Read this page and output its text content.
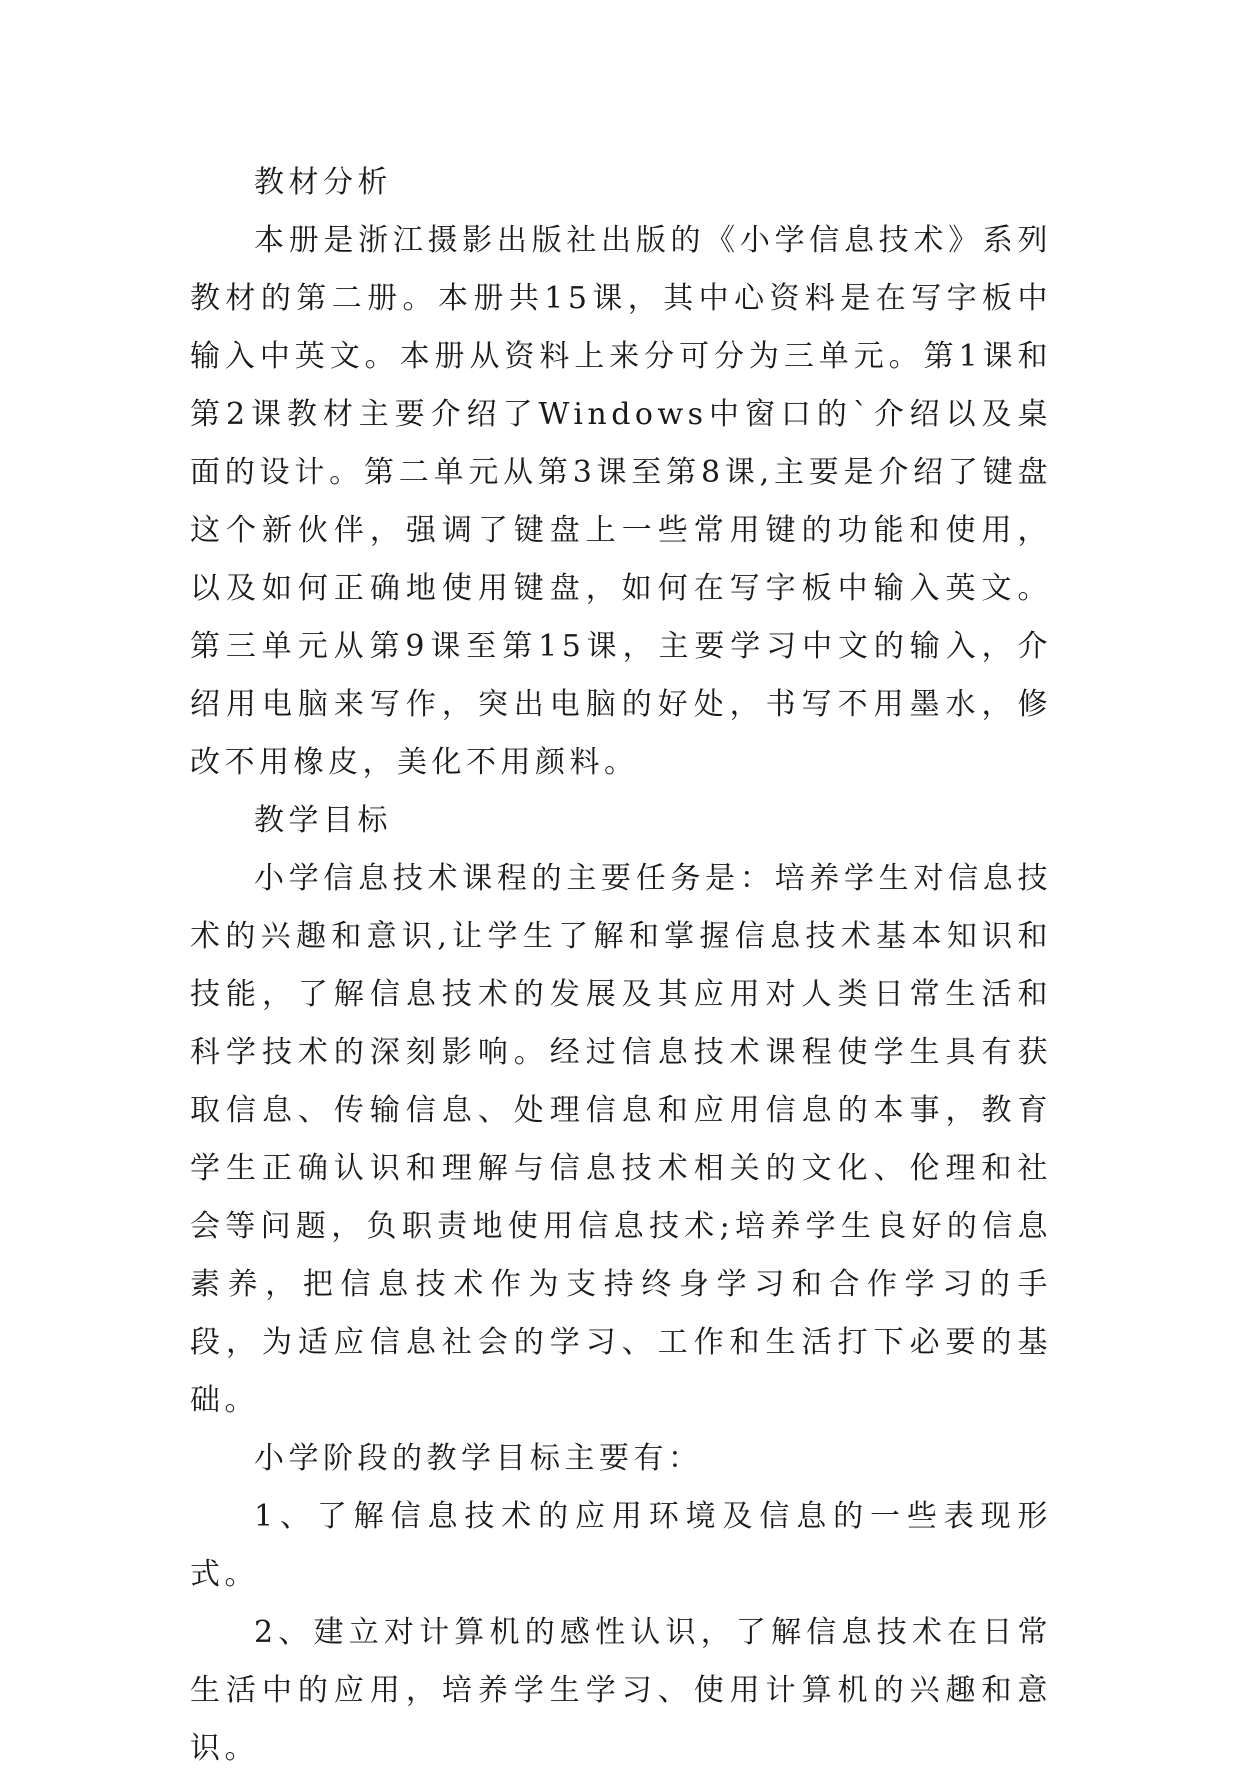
教材分析

本册是浙江摄影出版社出版的《小学信息技术》系列教材的第二册。本册共15课，其中心资料是在写字板中输入中英文。本册从资料上来分可分为三单元。第1课和第2课教材主要介绍了Windows中窗口的`介绍以及桌面的设计。第二单元从第3课至第8课,主要是介绍了键盘这个新伙伴，强调了键盘上一些常用键的功能和使用，以及如何正确地使用键盘，如何在写字板中输入英文。第三单元从第9课至第15课，主要学习中文的输入，介绍用电脑来写作，突出电脑的好处，书写不用墨水，修改不用橡皮，美化不用颜料。

教学目标

小学信息技术课程的主要任务是：培养学生对信息技术的兴趣和意识,让学生了解和掌握信息技术基本知识和技能，了解信息技术的发展及其应用对人类日常生活和科学技术的深刻影响。经过信息技术课程使学生具有获取信息、传输信息、处理信息和应用信息的本事，教育学生正确认识和理解与信息技术相关的文化、伦理和社会等问题，负职责地使用信息技术;培养学生良好的信息素养，把信息技术作为支持终身学习和合作学习的手段，为适应信息社会的学习、工作和生活打下必要的基础。

小学阶段的教学目标主要有：

1、了解信息技术的应用环境及信息的一些表现形式。

2、建立对计算机的感性认识，了解信息技术在日常生活中的应用，培养学生学习、使用计算机的兴趣和意识。
